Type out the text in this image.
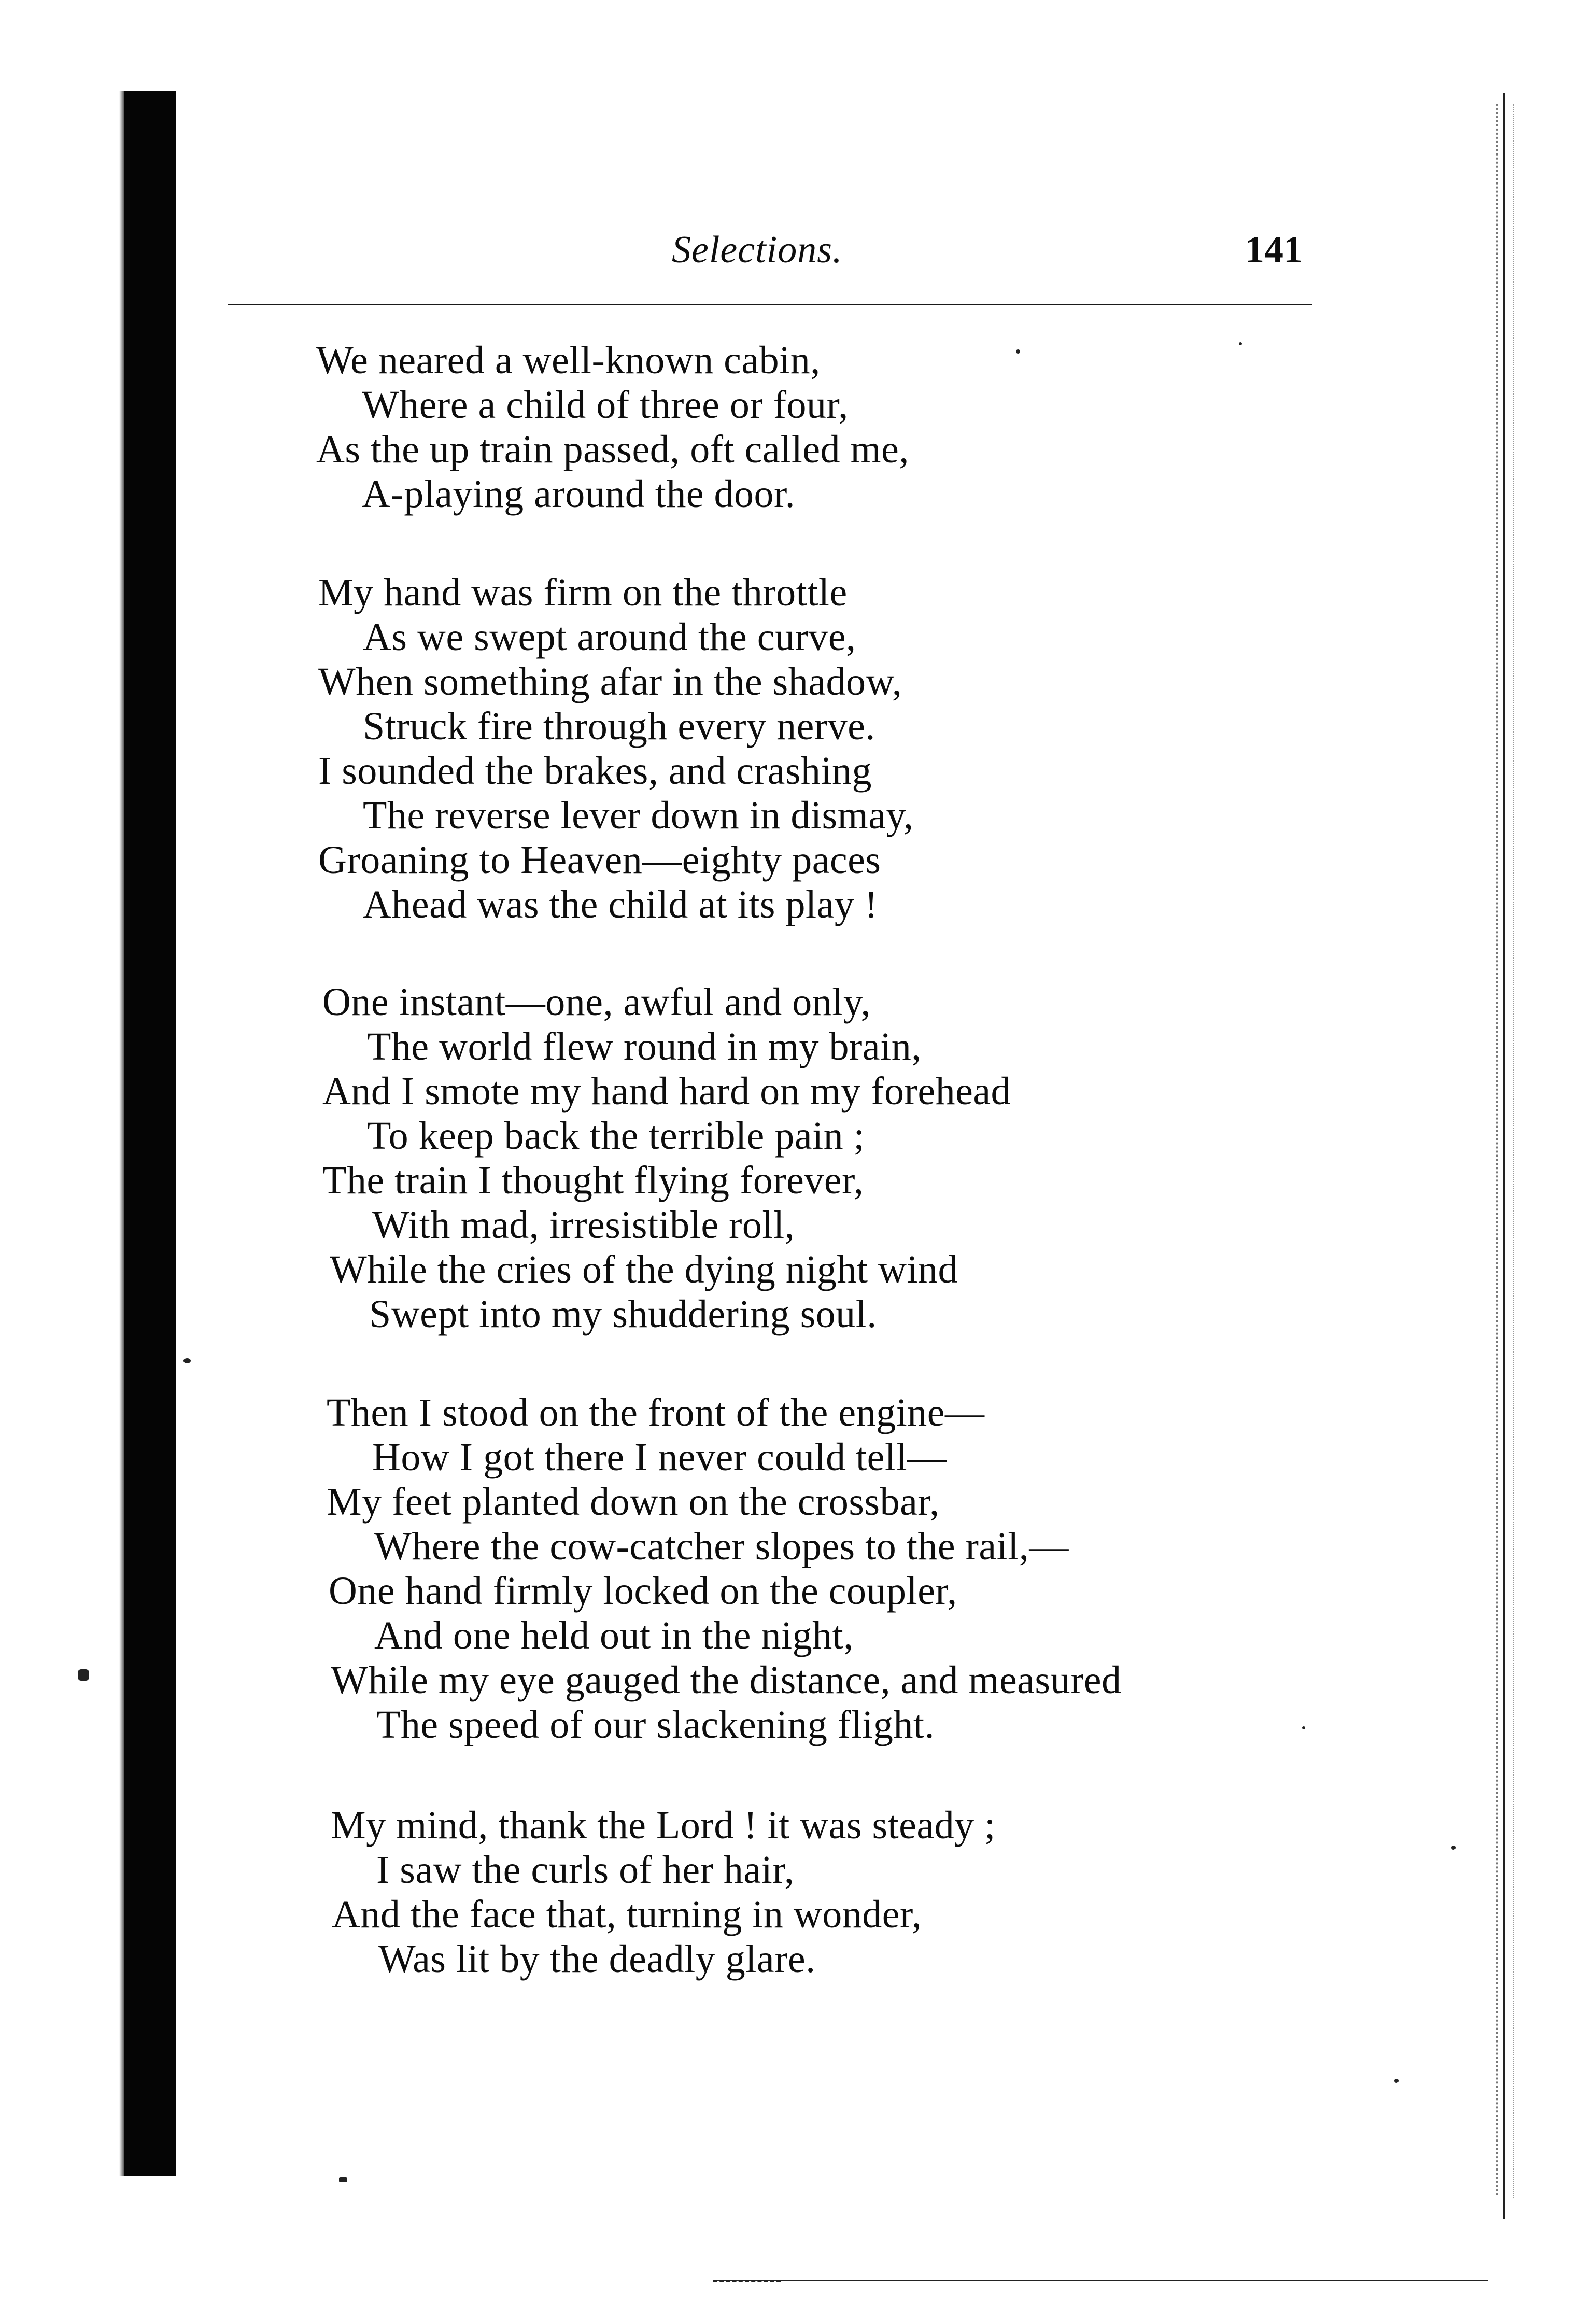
Selections.	141
We neared a well-known cabin,
Where a child of three or four,
As the up train passed, oft called me,
A-playing around the door.
My hand was firm on the throttle
As we swept around the curve,
When something afar in the shadow,
Struck fire through every nerve.
I sounded the brakes, and crashing
The reverse lever down in dismay,
Groaning to Heaven—eighty paces
Ahead was the child at its play !
One instant—one, awful and only,
The world flew round in my brain,
And I smote my hand hard on my forehead
To keep back the terrible pain ;
The train I thought flying forever,
With mad, irresistible roll,
While the cries of the dying night wind
Swept into my shuddering soul.
Then I stood on the front of the engine—
How I got there I never could tell—
My feet planted down on the crossbar,
Where the cow-catcher slopes to the rail,—
One hand firmly locked on the coupler,
And one held out in the night,
While my eye gauged the distance, and measured
The speed of our slackening flight.
My mind, thank the Lord ! it was steady ;
I saw the curls of her hair,
And the face that, turning in wonder,
Was lit by the deadly glare.
